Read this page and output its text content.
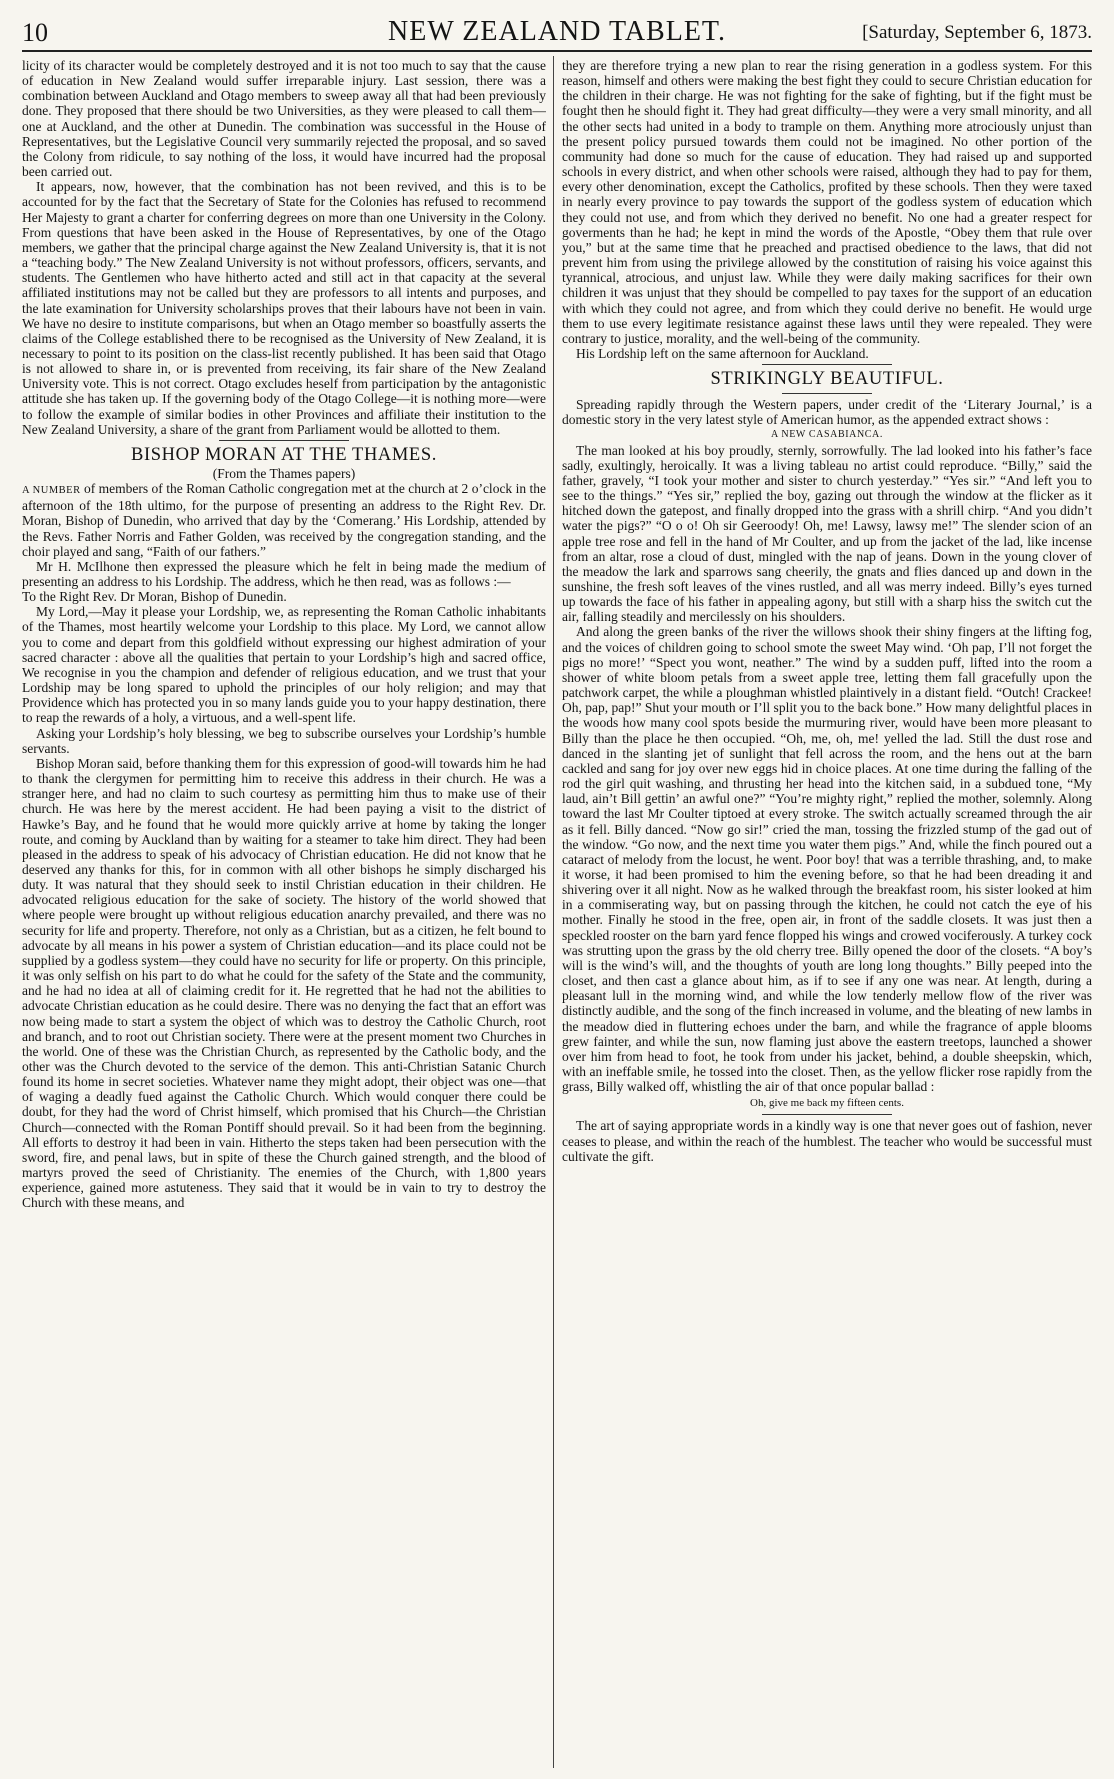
10	NEW ZEALAND TABLET.	[Saturday, September 6, 1873.

licity of its character would be completely destroyed and it is not too much to say that the cause of education in New Zealand would suffer irreparable injury. Last session, there was a combination between Auckland and Otago members to sweep away all that had been previously done. They proposed that there should be two Universities, as they were pleased to call them—one at Auckland, and the other at Dunedin. The combination was successful in the House of Representatives, but the Legislative Council very summarily rejected the proposal, and so saved the Colony from ridicule, to say nothing of the loss, it would have incurred had the proposal been carried out.

It appears, now, however, that the combination has not been revived, and this is to be accounted for by the fact that the Secretary of State for the Colonies has refused to recommend Her Majesty to grant a charter for conferring degrees on more than one University in the Colony. From questions that have been asked in the House of Representatives, by one of the Otago members, we gather that the principal charge against the New Zealand University is, that it is not a “teaching body.” The New Zealand University is not without professors, officers, servants, and students. The Gentlemen who have hitherto acted and still act in that capacity at the several affiliated institutions may not be called but they are professors to all intents and purposes, and the late examination for University scholarships proves that their labours have not been in vain. We have no desire to institute comparisons, but when an Otago member so boastfully asserts the claims of the College established there to be recognised as the University of New Zealand, it is necessary to point to its position on the class-list recently published. It has been said that Otago is not allowed to share in, or is prevented from receiving, its fair share of the New Zealand University vote. This is not correct. Otago excludes heself from participation by the antagonistic attitude she has taken up. If the governing body of the Otago College—it is nothing more—were to follow the example of similar bodies in other Provinces and affiliate their institution to the New Zealand University, a share of the grant from Parliament would be allotted to them.

BISHOP MORAN AT THE THAMES.

(From the Thames papers)

A NUMBER of members of the Roman Catholic congregation met at the church at 2 o’clock in the afternoon of the 18th ultimo, for the purpose of presenting an address to the Right Rev. Dr. Moran, Bishop of Dunedin, who arrived that day by the ‘Comerang.’ His Lordship, attended by the Revs. Father Norris and Father Golden, was received by the congregation standing, and the choir played and sang, “Faith of our fathers.”

Mr H. McIlhone then expressed the pleasure which he felt in being made the medium of presenting an address to his Lordship. The address, which he then read, was as follows :—

To the Right Rev. Dr Moran, Bishop of Dunedin.

My Lord,—May it please your Lordship, we, as representing the Roman Catholic inhabitants of the Thames, most heartily welcome your Lordship to this place. My Lord, we cannot allow you to come and depart from this goldfield without expressing our highest admiration of your sacred character : above all the qualities that pertain to your Lordship’s high and sacred office, We recognise in you the champion and defender of religious education, and we trust that your Lordship may be long spared to uphold the principles of our holy religion; and may that Providence which has protected you in so many lands guide you to your happy destination, there to reap the rewards of a holy, a virtuous, and a well-spent life.

Asking your Lordship’s holy blessing, we beg to subscribe ourselves your Lordship’s humble servants.

Bishop Moran said, before thanking them for this expression of good-will towards him he had to thank the clergymen for permitting him to receive this address in their church. He was a stranger here, and had no claim to such courtesy as permitting him thus to make use of their church. He was here by the merest accident. He had been paying a visit to the district of Hawke’s Bay, and he found that he would more quickly arrive at home by taking the longer route, and coming by Auckland than by waiting for a steamer to take him direct. They had been pleased in the address to speak of his advocacy of Christian education. He did not know that he deserved any thanks for this, for in common with all other bishops he simply discharged his duty. It was natural that they should seek to instil Christian education in their children. He advocated religious education for the sake of society. The history of the world showed that where people were brought up without religious education anarchy prevailed, and there was no security for life and property. Therefore, not only as a Christian, but as a citizen, he felt bound to advocate by all means in his power a system of Christian education—and its place could not be supplied by a godless system—they could have no security for life or property. On this principle, it was only selfish on his part to do what he could for the safety of the State and the community, and he had no idea at all of claiming credit for it. He regretted that he had not the abilities to advocate Christian education as he could desire. There was no denying the fact that an effort was now being made to start a system the object of which was to destroy the Catholic Church, root and branch, and to root out Christian society. There were at the present moment two Churches in the world. One of these was the Christian Church, as represented by the Catholic body, and the other was the Church devoted to the service of the demon. This anti-Christian Satanic Church found its home in secret societies. Whatever name they might adopt, their object was one—that of waging a deadly fued against the Catholic Church. Which would conquer there could be doubt, for they had the word of Christ himself, which promised that his Church—the Christian Church—connected with the Roman Pontiff should prevail. So it had been from the beginning. All efforts to destroy it had been in vain. Hitherto the steps taken had been persecution with the sword, fire, and penal laws, but in spite of these the Church gained strength, and the blood of martyrs proved the seed of Christianity. The enemies of the Church, with 1,800 years experience, gained more astuteness. They said that it would be in vain to try to destroy the Church with these means, and

they are therefore trying a new plan to rear the rising generation in a godless system. For this reason, himself and others were making the best fight they could to secure Christian education for the children in their charge. He was not fighting for the sake of fighting, but if the fight must be fought then he should fight it. They had great difficulty—they were a very small minority, and all the other sects had united in a body to trample on them. Anything more atrociously unjust than the present policy pursued towards them could not be imagined. No other portion of the community had done so much for the cause of education. They had raised up and supported schools in every district, and when other schools were raised, although they had to pay for them, every other denomination, except the Catholics, profited by these schools. Then they were taxed in nearly every province to pay towards the support of the godless system of education which they could not use, and from which they derived no benefit. No one had a greater respect for goverments than he had; he kept in mind the words of the Apostle, “Obey them that rule over you,” but at the same time that he preached and practised obedience to the laws, that did not prevent him from using the privilege allowed by the constitution of raising his voice against this tyrannical, atrocious, and unjust law. While they were daily making sacrifices for their own children it was unjust that they should be compelled to pay taxes for the support of an education with which they could not agree, and from which they could derive no benefit. He would urge them to use every legitimate resistance against these laws until they were repealed. They were contrary to justice, morality, and the well-being of the community.

His Lordship left on the same afternoon for Auckland.

STRIKINGLY BEAUTIFUL.

Spreading rapidly through the Western papers, under credit of the ‘Literary Journal,’ is a domestic story in the very latest style of American humor, as the appended extract shows :

A NEW CASABIANCA.

The man looked at his boy proudly, sternly, sorrowfully. The lad looked into his father’s face sadly, exultingly, heroically. It was a living tableau no artist could reproduce. “Billy,” said the father, gravely, “I took your mother and sister to church yesterday.” “Yes sir.” “And left you to see to the things.” “Yes sir,” replied the boy, gazing out through the window at the flicker as it hitched down the gatepost, and finally dropped into the grass with a shrill chirp. “And you didn’t water the pigs?” “O o o! Oh sir Geeroody! Oh, me! Lawsy, lawsy me!” The slender scion of an apple tree rose and fell in the hand of Mr Coulter, and up from the jacket of the lad, like incense from an altar, rose a cloud of dust, mingled with the nap of jeans. Down in the young clover of the meadow the lark and sparrows sang cheerily, the gnats and flies danced up and down in the sunshine, the fresh soft leaves of the vines rustled, and all was merry indeed. Billy’s eyes turned up towards the face of his father in appealing agony, but still with a sharp hiss the switch cut the air, falling steadily and mercilessly on his shoulders.

And along the green banks of the river the willows shook their shiny fingers at the lifting fog, and the voices of children going to school smote the sweet May wind. ‘Oh pap, I’ll not forget the pigs no more!’ “Spect you wont, neather.” The wind by a sudden puff, lifted into the room a shower of white bloom petals from a sweet apple tree, letting them fall gracefully upon the patchwork carpet, the while a ploughman whistled plaintively in a distant field. “Outch! Crackee! Oh, pap, pap!” Shut your mouth or I’ll split you to the back bone.” How many delightful places in the woods how many cool spots beside the murmuring river, would have been more pleasant to Billy than the place he then occupied. “Oh, me, oh, me! yelled the lad. Still the dust rose and danced in the slanting jet of sunlight that fell across the room, and the hens out at the barn cackled and sang for joy over new eggs hid in choice places. At one time during the falling of the rod the girl quit washing, and thrusting her head into the kitchen said, in a subdued tone, “My laud, ain’t Bill gettin’ an awful one?” “You’re mighty right,” replied the mother, solemnly. Along toward the last Mr Coulter tiptoed at every stroke. The switch actually screamed through the air as it fell. Billy danced. “Now go sir!” cried the man, tossing the frizzled stump of the gad out of the window. “Go now, and the next time you water them pigs.” And, while the finch poured out a cataract of melody from the locust, he went. Poor boy! that was a terrible thrashing, and, to make it worse, it had been promised to him the evening before, so that he had been dreading it and shivering over it all night. Now as he walked through the breakfast room, his sister looked at him in a commiserating way, but on passing through the kitchen, he could not catch the eye of his mother. Finally he stood in the free, open air, in front of the saddle closets. It was just then a speckled rooster on the barn yard fence flopped his wings and crowed vociferously. A turkey cock was strutting upon the grass by the old cherry tree. Billy opened the door of the closets. “A boy’s will is the wind’s will, and the thoughts of youth are long long thoughts.” Billy peeped into the closet, and then cast a glance about him, as if to see if any one was near. At length, during a pleasant lull in the morning wind, and while the low tenderly mellow flow of the river was distinctly audible, and the song of the finch increased in volume, and the bleating of new lambs in the meadow died in fluttering echoes under the barn, and while the fragrance of apple blooms grew fainter, and while the sun, now flaming just above the eastern treetops, launched a shower over him from head to foot, he took from under his jacket, behind, a double sheepskin, which, with an ineffable smile, he tossed into the closet. Then, as the yellow flicker rose rapidly from the grass, Billy walked off, whistling the air of that once popular ballad :

Oh, give me back my fifteen cents.

The art of saying appropriate words in a kindly way is one that never goes out of fashion, never ceases to please, and within the reach of the humblest. The teacher who would be successful must cultivate the gift.
